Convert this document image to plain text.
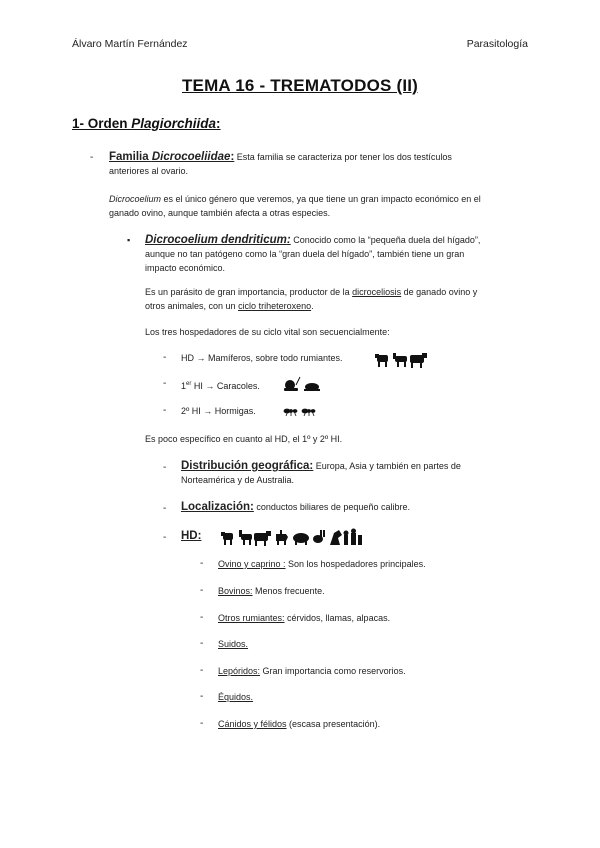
Álvaro Martín Fernández	Parasitología
TEMA 16 - TREMATODOS (II)
1- Orden Plagiorchiida:
- Familia Dicrocoeliidae: Esta familia se caracteriza por tener los dos testículos
anteriores al ovario.
Dicrocoelium es el único género que veremos, ya que tiene un gran impacto económico en el
ganado ovino, aunque también afecta a otras especies.
▪ Dicrocoelium dendriticum: Conocido como la “pequeña duela del hígado”,
aunque no tan patógeno como la “gran duela del hígado”, también tiene un gran
impacto económico.
Es un parásito de gran importancia, productor de la dicroceliosis de ganado ovino y
otros animales, con un ciclo triheteroxeno.
Los tres hospedadores de su ciclo vital son secuencialmente:
- HD → Mamíferos, sobre todo rumiantes.
- 1er HI → Caracoles.
- 2º HI → Hormigas.
Es poco específico en cuanto al HD, el 1º y 2º HI.
- Distribución geográfica: Europa, Asia y también en partes de
Norteamérica y de Australia.
- Localización: conductos biliares de pequeño calibre.
- HD:
- Ovino y caprino : Son los hospedadores principales.
- Bovinos: Menos frecuente.
- Otros rumiantes: cérvidos, llamas, alpacas.
- Suidos.
- Lepóridos: Gran importancia como reservorios.
- Équidos.
- Cánidos y félidos (escasa presentación).
